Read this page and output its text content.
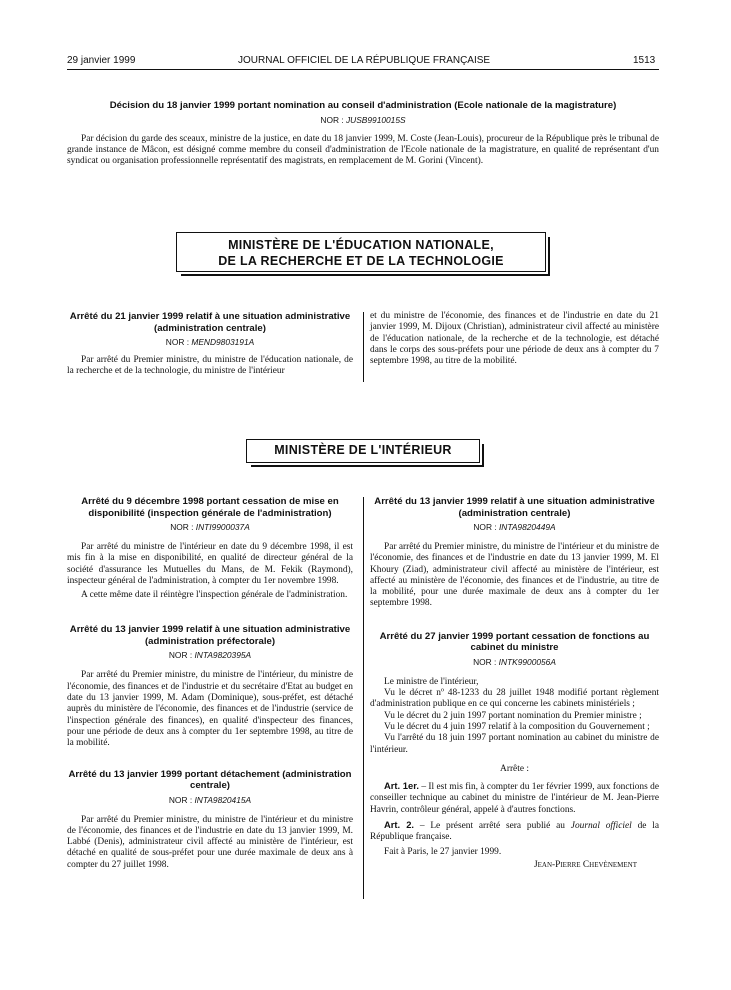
29 janvier 1999	JOURNAL OFFICIEL DE LA RÉPUBLIQUE FRANÇAISE	1513
Décision du 18 janvier 1999 portant nomination au conseil d'administration (Ecole nationale de la magistrature)
NOR : JUSB9910015S

Par décision du garde des sceaux, ministre de la justice, en date du 18 janvier 1999, M. Coste (Jean-Louis), procureur de la République près le tribunal de grande instance de Mâcon, est désigné comme membre du conseil d'administration de l'Ecole nationale de la magistrature, en qualité de représentant d'un syndicat ou organisation professionnelle représentatif des magistrats, en remplacement de M. Gorini (Vincent).

MINISTÈRE DE L'ÉDUCATION NATIONALE,
DE LA RECHERCHE ET DE LA TECHNOLOGIE
Arrêté du 21 janvier 1999 relatif à une situation administrative (administration centrale)
NOR : MEND9803191A

Par arrêté du Premier ministre, du ministre de l'éducation nationale, de la recherche et de la technologie, du ministre de l'intérieur

et du ministre de l'économie, des finances et de l'industrie en date du 21 janvier 1999, M. Dijoux (Christian), administrateur civil affecté au ministère de l'éducation nationale, de la recherche et de la technologie, est détaché dans le corps des sous-préfets pour une période de deux ans à compter du 7 septembre 1998, au titre de la mobilité.

MINISTÈRE DE L'INTÉRIEUR
Arrêté du 9 décembre 1998 portant cessation de mise en disponibilité (inspection générale de l'administration)
NOR : INTI9900037A

Par arrêté du ministre de l'intérieur en date du 9 décembre 1998, il est mis fin à la mise en disponibilité, en qualité de directeur général de la société d'assurance les Mutuelles du Mans, de M. Fekik (Raymond), inspecteur général de l'administration, à compter du 1er novembre 1998.

A cette même date il réintègre l'inspection générale de l'administration.

Arrêté du 13 janvier 1999 relatif à une situation administrative (administration préfectorale)
NOR : INTA9820395A

Par arrêté du Premier ministre, du ministre de l'intérieur, du ministre de l'économie, des finances et de l'industrie et du secrétaire d'Etat au budget en date du 13 janvier 1999, M. Adam (Dominique), sous-préfet, est détaché auprès du ministère de l'économie, des finances et de l'industrie (service de l'inspection générale des finances), en qualité d'inspecteur des finances, pour une période de deux ans à compter du 1er septembre 1998, au titre de la mobilité.

Arrêté du 13 janvier 1999 portant détachement (administration centrale)
NOR : INTA9820415A

Par arrêté du Premier ministre, du ministre de l'intérieur et du ministre de l'économie, des finances et de l'industrie en date du 13 janvier 1999, M. Labbé (Denis), administrateur civil affecté au ministère de l'intérieur, est détaché en qualité de sous-préfet pour une durée maximale de deux ans à compter du 27 juillet 1998.

Arrêté du 13 janvier 1999 relatif à une situation administrative (administration centrale)
NOR : INTA9820449A

Par arrêté du Premier ministre, du ministre de l'intérieur et du ministre de l'économie, des finances et de l'industrie en date du 13 janvier 1999, M. El Khoury (Ziad), administrateur civil affecté au ministère de l'intérieur, est affecté au ministère de l'économie, des finances et de l'industrie, au titre de la mobilité, pour une durée maximale de deux ans à compter du 1er septembre 1998.

Arrêté du 27 janvier 1999 portant cessation de fonctions au cabinet du ministre
NOR : INTK9900056A

Le ministre de l'intérieur,

Vu le décret nº 48-1233 du 28 juillet 1948 modifié portant règlement d'administration publique en ce qui concerne les cabinets ministériels ;

Vu le décret du 2 juin 1997 portant nomination du Premier ministre ;

Vu le décret du 4 juin 1997 relatif à la composition du Gouvernement ;

Vu l'arrêté du 18 juin 1997 portant nomination au cabinet du ministre de l'intérieur.

Arrête :

Art. 1er. – Il est mis fin, à compter du 1er février 1999, aux fonctions de conseiller technique au cabinet du ministre de l'intérieur de M. Jean-Pierre Havrin, contrôleur général, appelé à d'autres fonctions.

Art. 2. – Le présent arrêté sera publié au Journal officiel de la République française.

Fait à Paris, le 27 janvier 1999.

Jean-Pierre Chevènement
